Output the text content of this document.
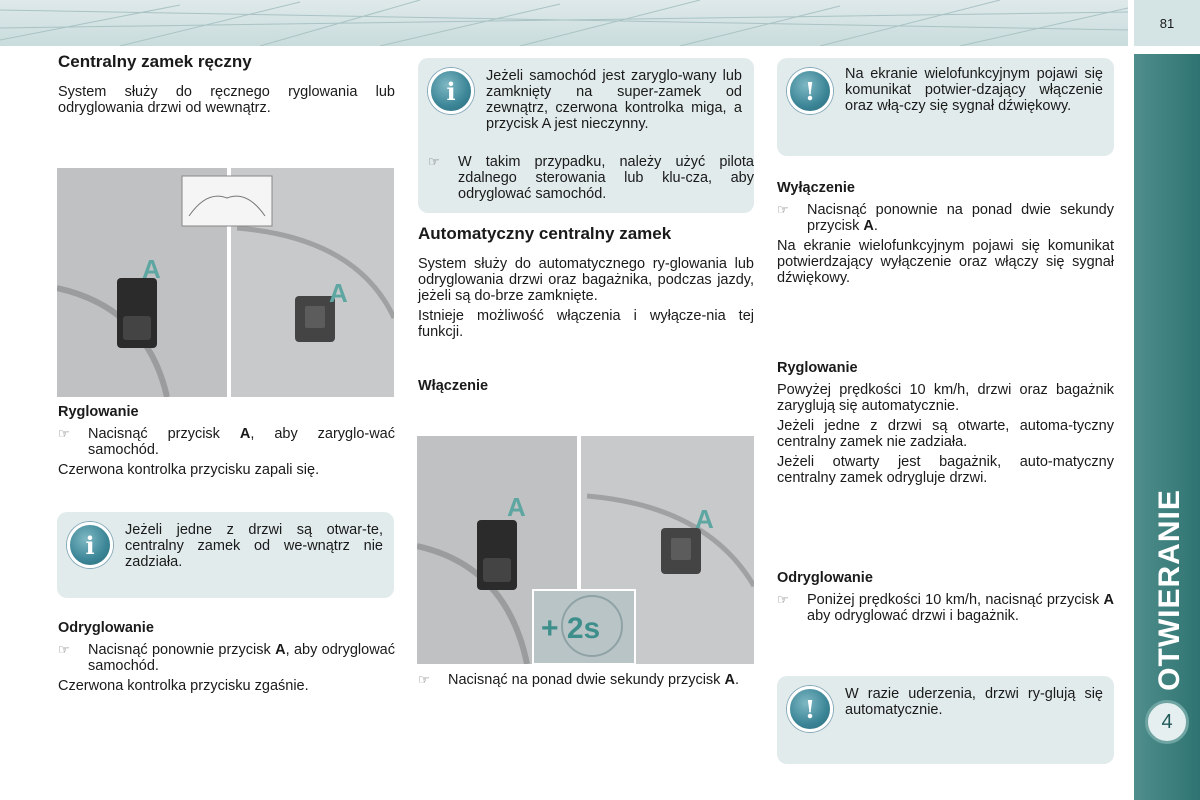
81
OTWIERANIE
4
Centralny zamek ręczny

System służy do ręcznego ryglowania lub odryglowania drzwi od wewnątrz.

A
A
Ryglowanie
☞	Nacisnąć przycisk A, aby zaryglo-wać samochód.

Czerwona kontrolka przycisku zapali się.

i
Jeżeli jedne z drzwi są otwar-te, centralny zamek od we-wnątrz nie zadziała.
Odryglowanie
☞	Nacisnąć ponownie przycisk A, aby odryglować samochód.

Czerwona kontrolka przycisku zgaśnie.

i
Jeżeli samochód jest zaryglo-wany lub zamknięty na super-zamek od zewnątrz, czerwona kontrolka miga, a przycisk A jest nieczynny.
☞	W takim przypadku, należy użyć pilota zdalnego sterowania lub klu-cza, aby odryglować samochód.
Automatyczny centralny zamek

System służy do automatycznego ry-glowania lub odryglowania drzwi oraz bagażnika, podczas jazdy, jeżeli są do-brze zamknięte.

Istnieje możliwość włączenia i wyłącze-nia tej funkcji.

Włączenie
A	A
+ 2s
☞	Nacisnąć na ponad dwie sekundy przycisk A.
!
Na ekranie wielofunkcyjnym pojawi się komunikat potwier-dzający włączenie oraz włą-czy się sygnał dźwiękowy.
Wyłączenie
☞	Nacisnąć ponownie na ponad dwie sekundy przycisk A.

Na ekranie wielofunkcyjnym pojawi się komunikat potwierdzający wyłączenie oraz włączy się sygnał dźwiękowy.

Ryglowanie

Powyżej prędkości 10 km/h, drzwi oraz bagażnik zaryglują się automatycznie.

Jeżeli jedne z drzwi są otwarte, automa-tyczny centralny zamek nie zadziała.

Jeżeli otwarty jest bagażnik, auto-matyczny centralny zamek odrygluje drzwi.

Odryglowanie
☞	Poniżej prędkości 10 km/h, nacisnąć przycisk A aby odryglować drzwi i bagażnik.
!
W razie uderzenia, drzwi ry-glują się automatycznie.
